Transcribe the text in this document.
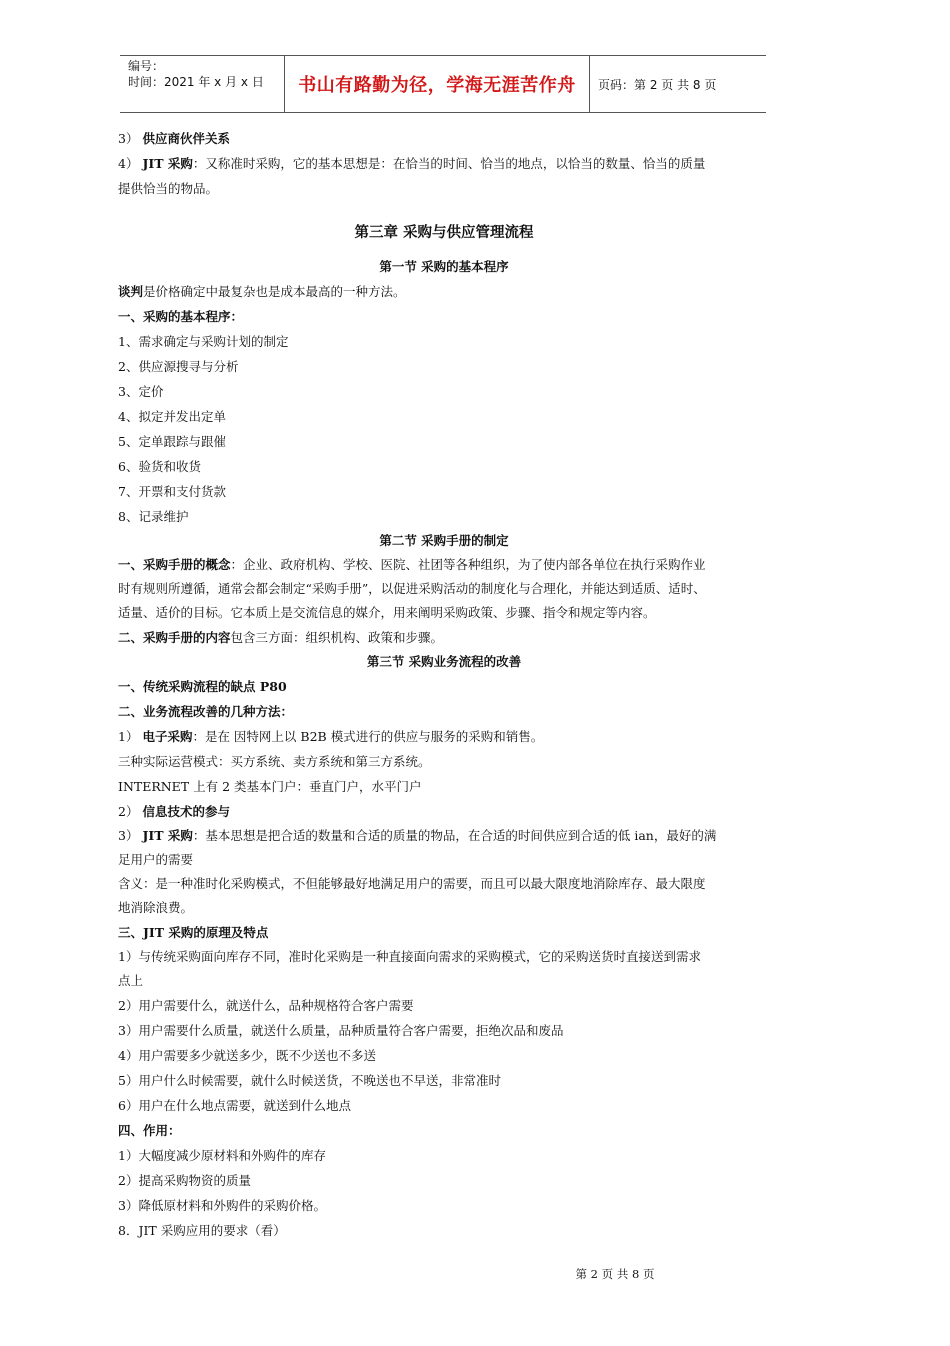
编号：
时间：2021 年 x 月 x 日	书山有路勤为径，学海无涯苦作舟	页码：第 2 页 共 8 页
3） 供应商伙伴关系
4） JIT 采购：又称准时采购，它的基本思想是：在恰当的时间、恰当的地点，以恰当的数量、恰当的质量
提供恰当的物品。
第三章 采购与供应管理流程
第一节 采购的基本程序
谈判是价格确定中最复杂也是成本最高的一种方法。
一、采购的基本程序：
1、需求确定与采购计划的制定
2、供应源搜寻与分析
3、定价
4、拟定并发出定单
5、定单跟踪与跟催
6、验货和收货
7、开票和支付货款
8、记录维护
第二节 采购手册的制定
一、采购手册的概念：企业、政府机构、学校、医院、社团等各种组织，为了使内部各单位在执行采购作业
时有规则所遵循，通常会都会制定“采购手册”，以促进采购活动的制度化与合理化，并能达到适质、适时、
适量、适价的目标。它本质上是交流信息的媒介，用来阐明采购政策、步骤、指令和规定等内容。
二、采购手册的内容包含三方面：组织机构、政策和步骤。
第三节 采购业务流程的改善
一、传统采购流程的缺点 P80
二、业务流程改善的几种方法：
1） 电子采购：是在 因特网上以 B2B 模式进行的供应与服务的采购和销售。
三种实际运营模式：买方系统、卖方系统和第三方系统。
INTERNET 上有 2 类基本门户：垂直门户，水平门户
2） 信息技术的参与
3） JIT 采购：基本思想是把合适的数量和合适的质量的物品，在合适的时间供应到合适的低 ian，最好的满
足用户的需要
含义：是一种准时化采购模式，不但能够最好地满足用户的需要，而且可以最大限度地消除库存、最大限度
地消除浪费。
三、JIT 采购的原理及特点
1）与传统采购面向库存不同，准时化采购是一种直接面向需求的采购模式，它的采购送货时直接送到需求
点上
2）用户需要什么，就送什么，品种规格符合客户需要
3）用户需要什么质量，就送什么质量，品种质量符合客户需要，拒绝次品和废品
4）用户需要多少就送多少，既不少送也不多送
5）用户什么时候需要，就什么时候送货，不晚送也不早送，非常准时
6）用户在什么地点需要，就送到什么地点
四、作用：
1）大幅度减少原材料和外购件的库存
2）提高采购物资的质量
3）降低原材料和外购件的采购价格。
8．JIT 采购应用的要求（看）
第 2 页 共 8 页
